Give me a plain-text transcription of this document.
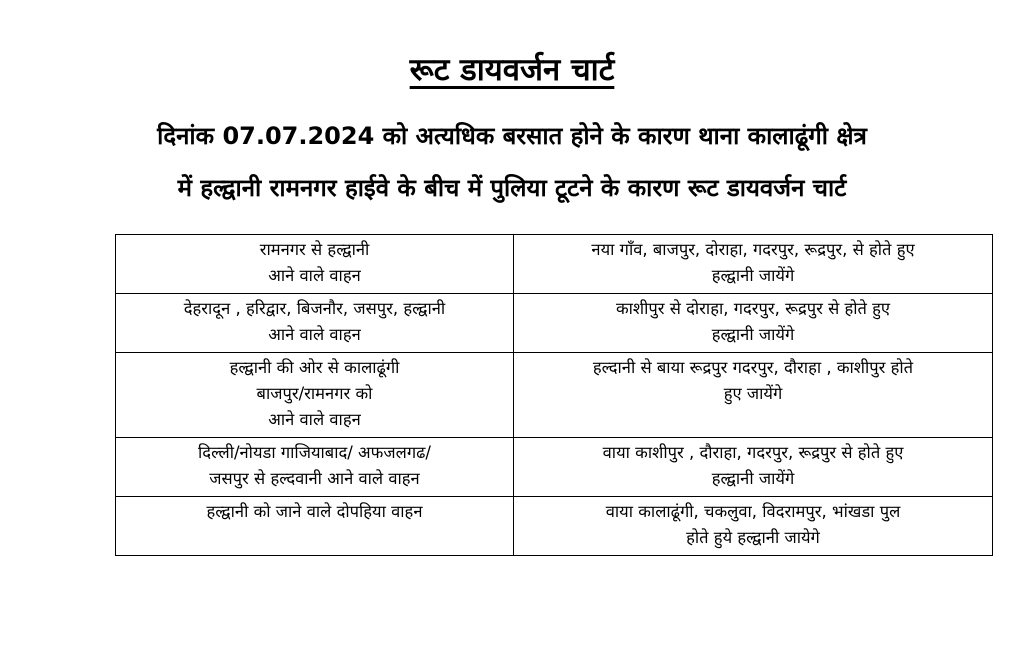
रूट डायवर्जन चार्ट
दिनांक 07.07.2024 को अत्यधिक बरसात होने के कारण थाना कालाढूंगी क्षेत्र
में हल्द्वानी रामनगर हाईवे के बीच में पुलिया टूटने के कारण रूट डायवर्जन चार्ट
रामनगर से हल्द्वानी
आने वाले वाहन	नया गाँव, बाजपुर, दोराहा, गदरपुर, रूद्रपुर, से होते हुए
हल्द्वानी जायेंगे

देहरादून , हरिद्वार, बिजनौर, जसपुर, हल्द्वानी
आने वाले वाहन	काशीपुर से दोराहा, गदरपुर, रूद्रपुर से होते हुए
हल्द्वानी जायेंगे

हल्द्वानी की ओर से कालाढूंगी
बाजपुर/रामनगर को
आने वाले वाहन	हल्दानी से बाया रूद्रपुर गदरपुर, दौराहा , काशीपुर होते
हुए जायेंगे

दिल्ली/नोयडा गाजियाबाद/ अफजलगढ/
जसपुर से हल्दवानी आने वाले वाहन	वाया काशीपुर , दौराहा, गदरपुर, रूद्रपुर से होते हुए
हल्द्वानी जायेंगे

हल्द्वानी को जाने वाले दोपहिया वाहन	वाया कालाढूंगी, चकलुवा, विदरामपुर, भांखडा पुल
होते हुये हल्द्वानी जायेगे
